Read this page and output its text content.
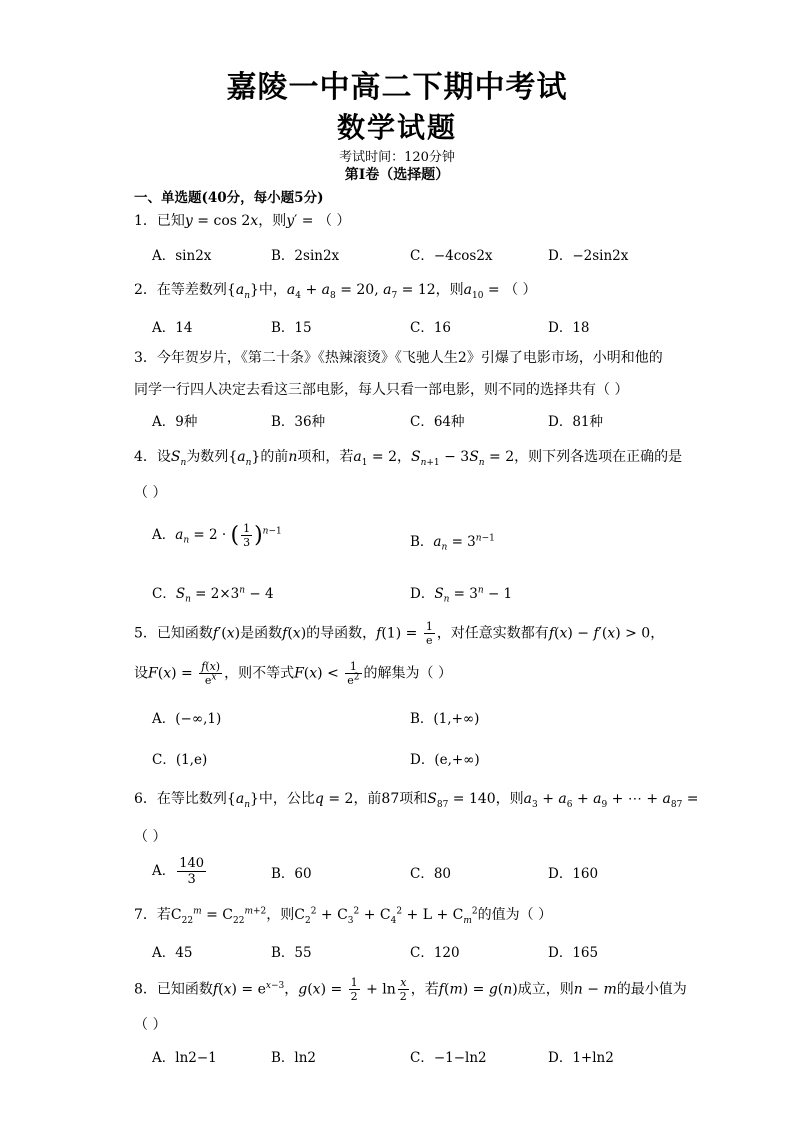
嘉陵一中高二下期中考试
数学试题
考试时间：120分钟
第Ⅰ卷（选择题）
一、单选题(40分，每小题5分)
1．已知y = cos 2x，则y′ = （ ）
A．sin2x	B．2sin2x	C．−4cos2x	D．−2sin2x
2．在等差数列$\{a_n\}$中，$a_4 + a_8 = 20$, $a_7 = 12$，则$a_{10}$ = （ ）
A．14	B．15	C．16	D．18
3．今年贺岁片，《第二十条》《热辣滚烫》《飞驰人生2》引爆了电影市场，小明和他的同学一行四人决定去看这三部电影，每人只看一部电影，则不同的选择共有（ ）
A．9种	B．36种	C．64种	D．81种
4．设$S_n$为数列$\{a_n\}$的前n项和，若$a_1 = 2$，$S_{n+1} - 3S_n = 2$，则下列各选项在正确的是
（ ）
A．$a_n = 2$ · ( $\frac{1}{3} )^{n-1}$
B．$a_n = 3^{n-1}$
C．$S_n = 2\times 3^n - 4$	D．$S_n = 3^n - 1$
5．已知函数f′(x)是函数f(x)的导函数，$f(1) = \frac{1}{e}$ ，对任意实数都有f(x) − f′(x) > 0，
设$F(x) = \frac{f(x)}{e^x}$ ，则不等式$F(x) < \frac{1}{e^2}$ 的解集为（ ）
A．(−∞,1)	B．(1,+∞)
C．(1,e)	D．(e,+∞)
6．在等比数列$\{a_n\}$中，公比q = 2，前87项和$S_{87} = 140$，则$a_3 + a_6 + a_9$ + ⋯ + $a_{87}$ =
（ ）
A． $\frac{140}{3}$	B．60	C．80	D．160
7．若$C_{22}^m = C_{22}^{m+2}$，则$C_2^2 + C_3^2 + C_4^2 + L + C_m^2$的值为（ ）
A．45	B．55	C．120	D．165
8．已知函数$f(x) = e^{x-3}$，$g(x) = \frac{1}{2} + \ln \frac{x}{2}$ ，若f(m) = g(n)成立，则n − m的最小值为
（ ）
A．ln2−1	B．ln2	C．−1−ln2	D．1+ln2
